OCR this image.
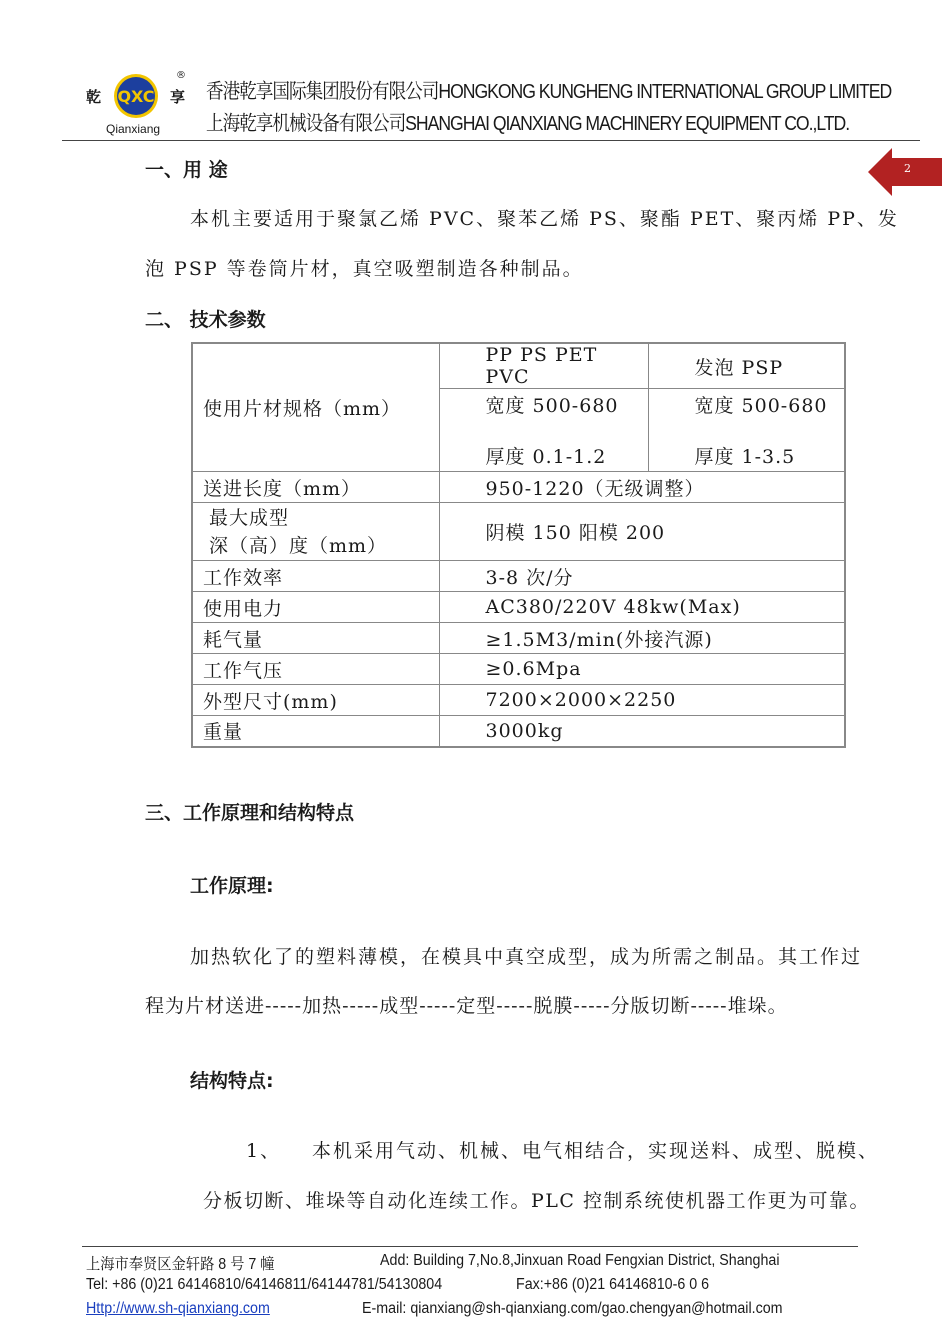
QXC
®
乾	享
Qianxiang
香港乾享国际集团股份有限公司HONGKONG KUNGHENG INTERNATIONAL GROUP LIMITED
上海乾享机械设备有限公司SHANGHAI QIANXIANG MACHINERY EQUIPMENT CO.,LTD.
2
一、用 途
本机主要适用于聚氯乙烯 PVC、聚苯乙烯 PS、聚酯 PET、聚丙烯 PP、发
泡 PSP 等卷筒片材，真空吸塑制造各种制品。
二、 技术参数
使用片材规格（mm）	PP PS PET PVC	发泡 PSP
	宽度 500-680	宽度 500-680
	厚度 0.1-1.2	厚度 1-3.5
送进长度（mm）	950-1220（无级调整）	
最大成型
深（高）度（mm）	阴模 150 阳模 200	
工作效率	3-8 次/分	
使用电力	AC380/220V 48kw(Max)	
耗气量	≥1.5M3/min(外接汽源)	
工作气压	≥0.6Mpa	
外型尺寸(mm)	7200×2000×2250	
重量	3000kg	
三、工作原理和结构特点
工作原理:
加热软化了的塑料薄模，在模具中真空成型，成为所需之制品。其工作过
程为片材送进-----加热-----成型-----定型-----脱膜-----分版切断-----堆垛。
结构特点:
1、 本机采用气动、机械、电气相结合，实现送料、成型、脱模、
分板切断、堆垛等自动化连续工作。PLC 控制系统使机器工作更为可靠。
上海市奉贤区金轩路 8 号 7 幢	Add: Building 7,No.8,Jinxuan Road Fengxian District, Shanghai
Tel: +86 (0)21 64146810/64146811/64144781/54130804	Fax:+86 (0)21 64146810-6 0 6
Http://www.sh-qianxiang.com	E-mail: qianxiang@sh-qianxiang.com/gao.chengyan@hotmail.com
